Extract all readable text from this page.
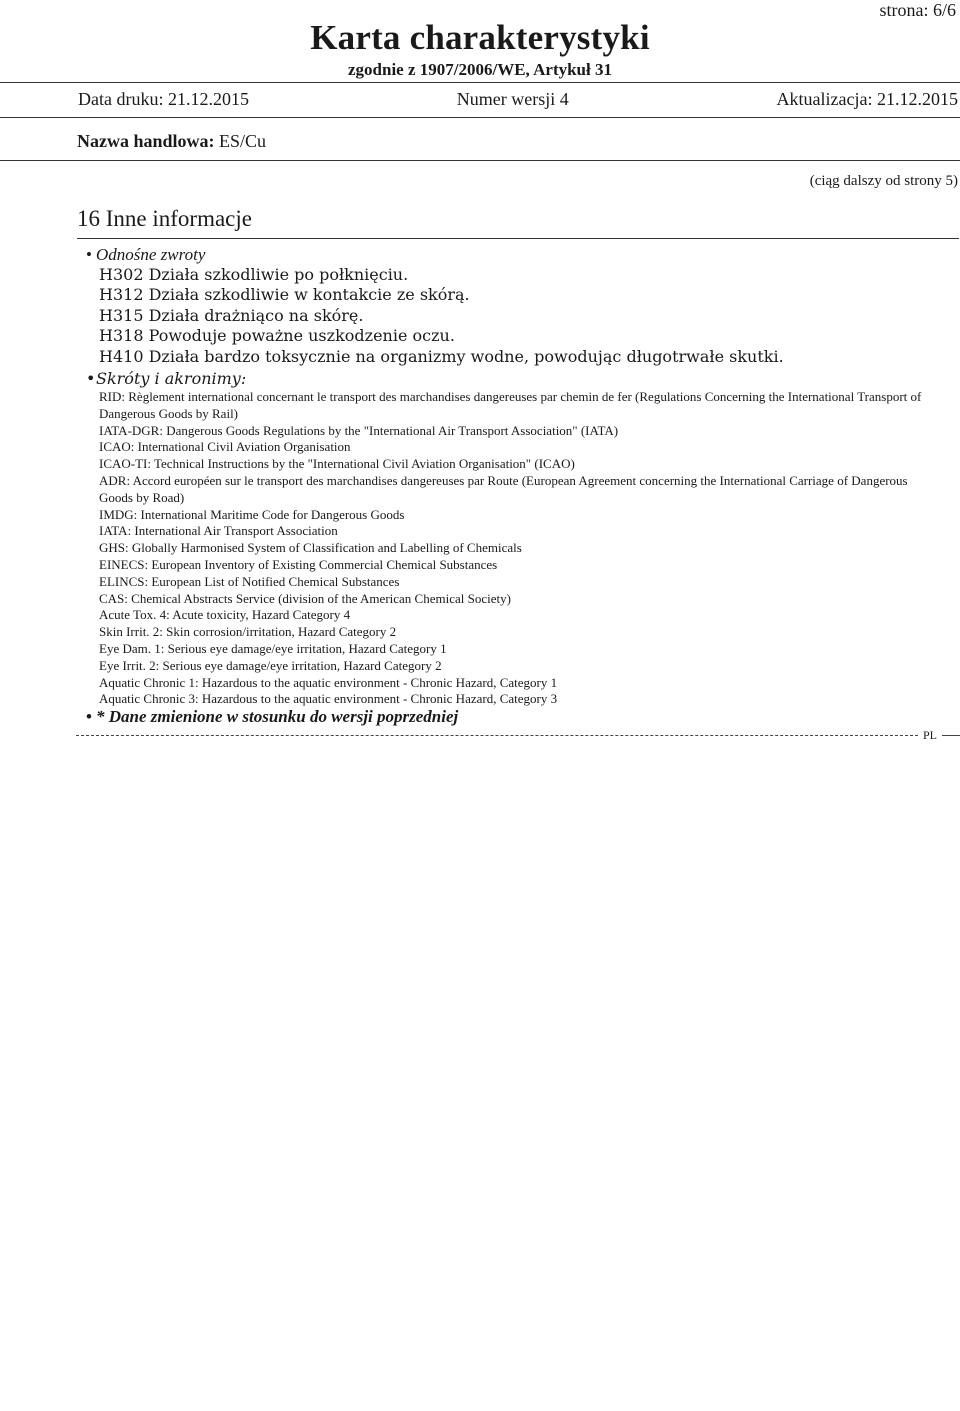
strona: 6/6
Karta charakterystyki
zgodnie z 1907/2006/WE, Artykuł 31
Data druku: 21.12.2015	Numer wersji 4	Aktualizacja: 21.12.2015
Nazwa handlowa: ES/Cu
(ciąg dalszy od strony 5)
16 Inne informacje
• Odnośne zwroty
H302 Działa szkodliwie po połknięciu.
H312 Działa szkodliwie w kontakcie ze skórą.
H315 Działa drażniąco na skórę.
H318 Powoduje poważne uszkodzenie oczu.
H410 Działa bardzo toksycznie na organizmy wodne, powodując długotrwałe skutki.
•Skróty i akronimy:
RID: Règlement international concernant le transport des marchandises dangereuses par chemin de fer (Regulations Concerning the International Transport of Dangerous Goods by Rail)
IATA-DGR: Dangerous Goods Regulations by the "International Air Transport Association" (IATA)
ICAO: International Civil Aviation Organisation
ICAO-TI: Technical Instructions by the "International Civil Aviation Organisation" (ICAO)
ADR: Accord européen sur le transport des marchandises dangereuses par Route (European Agreement concerning the International Carriage of Dangerous Goods by Road)
IMDG: International Maritime Code for Dangerous Goods
IATA: International Air Transport Association
GHS: Globally Harmonised System of Classification and Labelling of Chemicals
EINECS: European Inventory of Existing Commercial Chemical Substances
ELINCS: European List of Notified Chemical Substances
CAS: Chemical Abstracts Service (division of the American Chemical Society)
Acute Tox. 4: Acute toxicity, Hazard Category 4
Skin Irrit. 2: Skin corrosion/irritation, Hazard Category 2
Eye Dam. 1: Serious eye damage/eye irritation, Hazard Category 1
Eye Irrit. 2: Serious eye damage/eye irritation, Hazard Category 2
Aquatic Chronic 1: Hazardous to the aquatic environment - Chronic Hazard, Category 1
Aquatic Chronic 3: Hazardous to the aquatic environment - Chronic Hazard, Category 3
• * Dane zmienione w stosunku do wersji poprzedniej
PL
